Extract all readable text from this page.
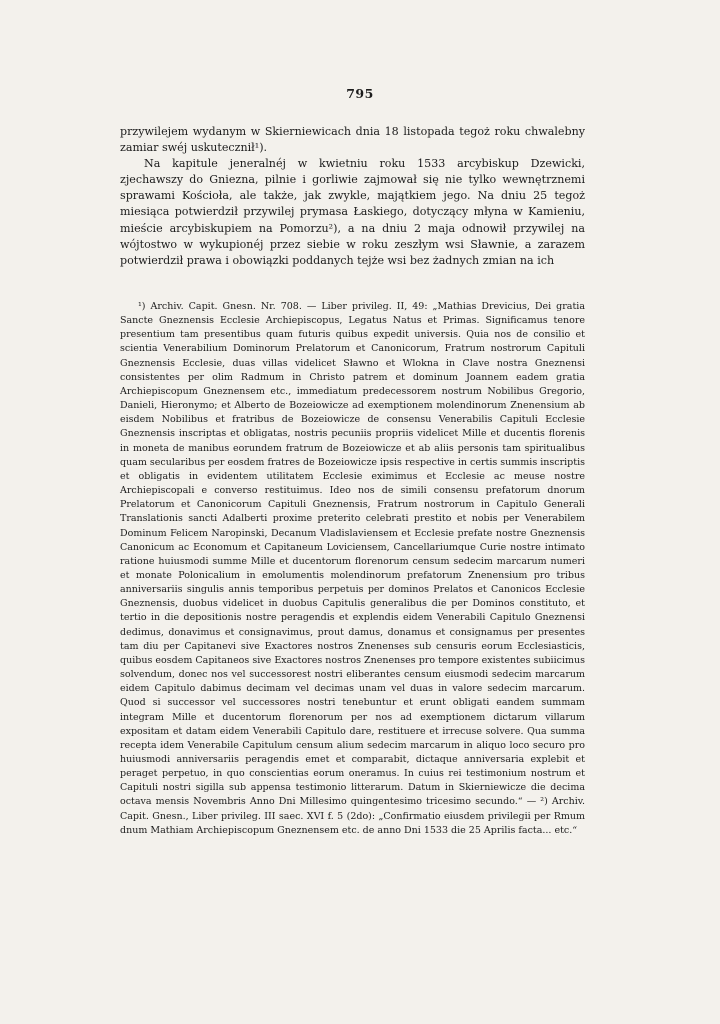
795

przywilejem wydanym w Skierniewicach dnia 18 listopada tegoż roku chwalebny zamiar swéj uskutecznił¹).

Na kapitule jeneralnéj w kwietniu roku 1533 arcybiskup Dzewicki, zjechawszy do Gniezna, pilnie i gorliwie zajmował się nie tylko wewnętrznemi sprawami Kościoła, ale także, jak zwykle, majątkiem jego. Na dniu 25 tegoż miesiąca potwierdził przywilej prymasa Łaskiego, dotyczący młyna w Kamieniu, mieście arcybiskupiem na Pomorzu²), a na dniu 2 maja odnowił przywilej na wójtostwo w wykupionéj przez siebie w roku zeszłym wsi Sławnie, a zarazem potwierdził prawa i obowiązki poddanych tejże wsi bez żadnych zmian na ich

¹) Archiv. Capit. Gnesn. Nr. 708. — Liber privileg. II, 49: „Mathias Drevicius, Dei gratia Sancte Gneznensis Ecclesie Archiepiscopus, Legatus Natus et Primas. Significamus tenore presentium tam presentibus quam futuris quibus expedit universis. Quia nos de consilio et scientia Venerabilium Dominorum Prelatorum et Canonicorum, Fratrum nostrorum Capituli Gneznensis Ecclesie, duas villas videlicet Sławno et Wlokna in Clave nostra Gneznensi consistentes per olim Radmum in Christo patrem et dominum Joannem eadem gratia Archiepiscopum Gneznensem etc., immediatum predecessorem nostrum Nobilibus Gregorio, Danieli, Hieronymo; et Alberto de Bozeiowicze ad exemptionem molendinorum Znenensium ab eisdem Nobilibus et fratribus de Bozeiowicze de consensu Venerabilis Capituli Ecclesie Gneznensis inscriptas et obligatas, nostris pecuniis propriis videlicet Mille et ducentis florenis in moneta de manibus eorundem fratrum de Bozeiowicze et ab aliis personis tam spiritualibus quam secularibus per eosdem fratres de Bozeiowicze ipsis respective in certis summis inscriptis et obligatis in evidentem utilitatem Ecclesie eximimus et Ecclesie ac meuse nostre Archiepiscopali e converso restituimus. Ideo nos de simili consensu prefatorum dnorum Prelatorum et Canonicorum Capituli Gneznensis, Fratrum nostrorum in Capitulo Generali Translationis sancti Adalberti proxime preterito celebrati prestito et nobis per Venerabilem Dominum Felicem Naropinski, Decanum Vladislaviensem et Ecclesie prefate nostre Gneznensis Canonicum ac Economum et Capitaneum Loviciensem, Cancellariumque Curie nostre intimato ratione huiusmodi summe Mille et ducentorum florenorum censum sedecim marcarum numeri et monate Polonicalium in emolumentis molendinorum prefatorum Znenensium pro tribus anniversariis singulis annis temporibus perpetuis per dominos Prelatos et Canonicos Ecclesie Gneznensis, duobus videlicet in duobus Capitulis generalibus die per Dominos constituto, et tertio in die depositionis nostre peragendis et explendis eidem Venerabili Capitulo Gneznensi dedimus, donavimus et consignavimus, prout damus, donamus et consignamus per presentes tam diu per Capitanevi sive Exactores nostros Znenenses sub censuris eorum Ecclesiasticis, quibus eosdem Capitaneos sive Exactores nostros Znenenses pro tempore existentes subiicimus solvendum, donec nos vel successorest nostri eliberantes censum eiusmodi sedecim marcarum eidem Capitulo dabimus decimam vel decimas unam vel duas in valore sedecim marcarum. Quod si successor vel successores nostri tenebuntur et erunt obligati eandem summam integram Mille et ducentorum florenorum per nos ad exemptionem dictarum villarum expositam et datam eidem Venerabili Capitulo dare, restituere et irrecuse solvere. Qua summa recepta idem Venerabile Capitulum censum alium sedecim marcarum in aliquo loco securo pro huiusmodi anniversariis peragendis emet et comparabit, dictaque anniversaria explebit et peraget perpetuo, in quo conscientias eorum oneramus. In cuius rei testimonium nostrum et Capituli nostri sigilla sub appensa testimonio litterarum. Datum in Skierniewicze die decima octava mensis Novembris Anno Dni Millesimo quingentesimo tricesimo secundo.“ — ²) Archiv. Capit. Gnesn., Liber privileg. III saec. XVI f. 5 (2do): „Confirmatio eiusdem privilegii per Rmum dnum Mathiam Archiepiscopum Gneznensem etc. de anno Dni 1533 die 25 Aprilis facta... etc.“
